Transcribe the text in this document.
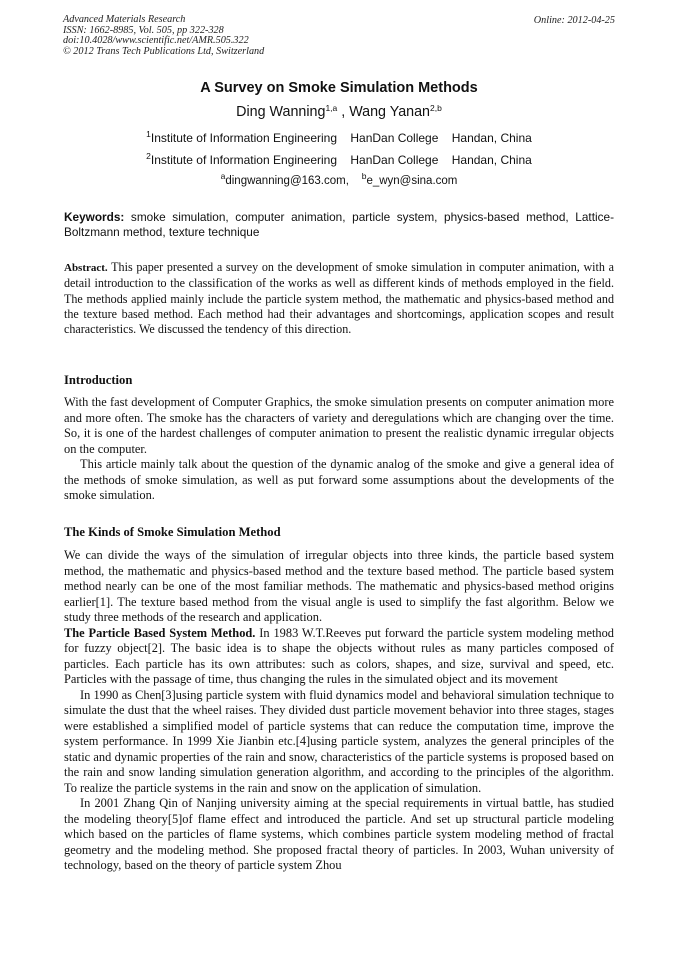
Advanced Materials Research
ISSN: 1662-8985, Vol. 505, pp 322-328
doi:10.4028/www.scientific.net/AMR.505.322
© 2012 Trans Tech Publications Ltd, Switzerland
Online: 2012-04-25
A Survey on Smoke Simulation Methods
Ding Wanning$^{1,a}$ , Wang Yanan$^{2,b}$
$^1$Institute of Information Engineering    HanDan College    Handan, China
$^2$Institute of Information Engineering    HanDan College    Handan, China
$^a$dingwanning@163.com, $^b$e_wyn@sina.com
Keywords: smoke simulation, computer animation, particle system, physics-based method, Lattice-Boltzmann method, texture technique
Abstract. This paper presented a survey on the development of smoke simulation in computer animation, with a detail introduction to the classification of the works as well as different kinds of methods employed in the field. The methods applied mainly include the particle system method, the mathematic and physics-based method and the texture based method. Each method had their advantages and shortcomings, application scopes and result characteristics. We discussed the tendency of this direction.
Introduction

With the fast development of Computer Graphics, the smoke simulation presents on computer animation more and more often. The smoke has the characters of variety and deregulations which are changing over the time. So, it is one of the hardest challenges of computer animation to present the realistic dynamic irregular objects on the computer.

This article mainly talk about the question of the dynamic analog of the smoke and give a general idea of the methods of smoke simulation, as well as put forward some assumptions about the developments of the smoke simulation.

The Kinds of Smoke Simulation Method

We can divide the ways of the simulation of irregular objects into three kinds, the particle based system method, the mathematic and physics-based method and the texture based method. The particle based system method nearly can be one of the most familiar methods. The mathematic and physics-based method origins earlier[1]. The texture based method from the visual angle is used to simplify the fast algorithm. Below we study three methods of the research and application.

The Particle Based System Method. In 1983 W.T.Reeves put forward the particle system modeling method for fuzzy object[2]. The basic idea is to shape the objects without rules as many particles composed of particles. Each particle has its own attributes: such as colors, shapes, and size, survival and speed, etc. Particles with the passage of time, thus changing the rules in the simulated object and its movement

In 1990 as Chen[3]using particle system with fluid dynamics model and behavioral simulation technique to simulate the dust that the wheel raises. They divided dust particle movement behavior into three stages, stages were established a simplified model of particle systems that can reduce the computation time, improve the system performance. In 1999 Xie Jianbin etc.[4]using particle system, analyzes the general principles of the static and dynamic properties of the rain and snow, characteristics of the particle systems is proposed based on the rain and snow landing simulation generation algorithm, and according to the principles of the algorithm. To realize the particle systems in the rain and snow on the application of simulation.

In 2001 Zhang Qin of Nanjing university aiming at the special requirements in virtual battle, has studied the modeling theory[5]of flame effect and introduced the particle. And set up structural particle modeling which based on the particles of flame systems, which combines particle system modeling method of fractal geometry and the modeling method. She proposed fractal theory of particles. In 2003, Wuhan university of technology, based on the theory of particle system Zhou
